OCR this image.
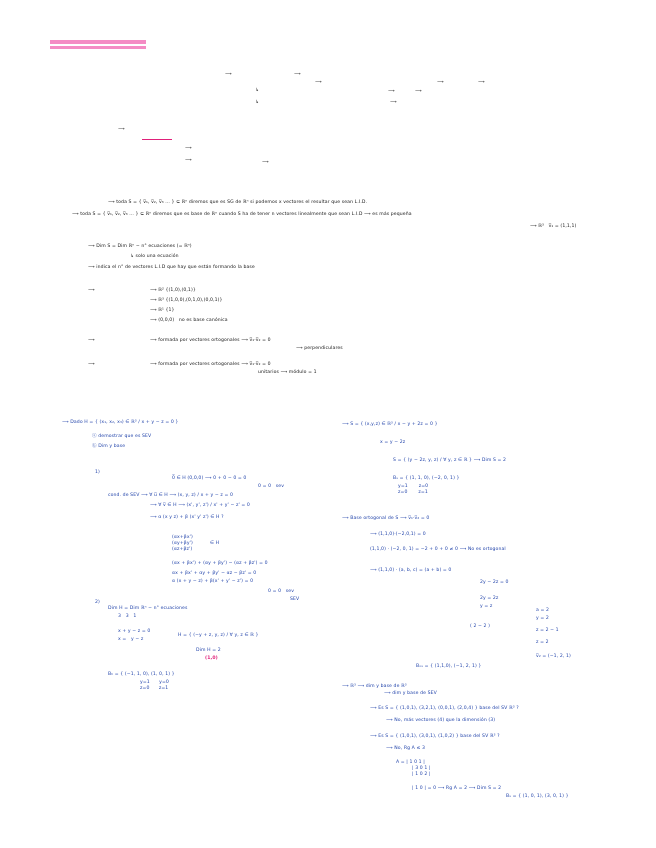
⟶	⟶
⟶	⟶	⟶
↳	⟶	⟶
↳	⟶
⟶
⟶
⟶	⟶
⟶ toda S = { v̅₁, v̅₂, v̅₃ ... } ⊆ ℝⁿ diremos que es SG de ℝⁿ si podemos x vectores el resultar que sean L.I.D.
⟶ toda S = { v̅₁, v̅₂, v̅₃ ... } ⊆ ℝⁿ diremos que es base de ℝⁿ cuando S ha de tener n vectores linealmente que sean L.I.D ⟶ es más pequeña
⟶ ℝ³   v̅₁ = (1,1,1)
⟶ Dim S = Dim ℝⁿ − n° ecuaciones (= ℝⁿ)
↳ solo una ecuación
⟶ indica el n° de vectores L.I.D que hay que están formando la base
⟶	⟶ ℝ² {(1,0),(0,1)}
⟶ ℝ³ {(1,0,0),(0,1,0),(0,0,1)}
⟶ ℝ¹ {1}
⟶ (0,0,0)   no es base canónica
⟶	⟶ formada por vectores ortogonales ⟶ v̅₁·v̅₂ = 0
⟶ perpendiculares
⟶	⟶ formada por vectores ortogonales ⟶ v̅₁·v̅₂ = 0
unitarios ⟶ módulo = 1
⟶ Dado H = { (x₁, x₂, x₃) ∈ ℝ³ / x + y − z = 0 }
ⓐ demostrar que es SEV
ⓑ Dim y base
1)
0̅ ∈ H (0,0,0) ⟶ 0 + 0 − 0 = 0
0 = 0   sev
cond. de SEV ⟶ ∀ u̅ ∈ H ⟶ (x, y, z) / x + y − z = 0
⟶ ∀ v̅ ∈ H ⟶ (x', y', z') / x' + y' − z' = 0
⟶ α (x y z) + β (x' y' z') ∈ H ?
(αx+βx')
(αy+βy')
(αz+βz')
∈ H
(αx + βx') + (αy + βy') − (αz + βz') = 0
αx + βx' + αy + βy' − αz − βz' = 0
α (x + y − z) + β(x' + y' − z') = 0
0 = 0   sev
SEV
2)
Dim H = Dim ℝⁿ − n° ecuaciones
3   3   1
x + y − z = 0
x =   y − z
H = { (−y + z, y, z) / ∀ y, z ∈ ℝ }
Dim H = 2
(1,0)
Bₕ = { (−1, 1, 0), (1, 0, 1) }
y=1      y=0
z=0      z=1
⟶ S = { (x,y,z) ∈ ℝ³ / x − y + 2z = 0 }
x = y − 2z
S = { (y − 2z, y, z) / ∀ y, z ∈ ℝ } ⟶ Dim S = 2
Bₛ = { (1, 1, 0), (−2, 0, 1) }
y=1       z=0
z=0       z=1
⟶ Base ortogonal de S ⟶ v̅₁·v̅₂ = 0
⟶ (1,1,0)·(−2,0,1) = 0
(1,1,0) · (−2, 0, 1) = −2 + 0 + 0 ≠ 0 ⟶ No es ortogonal
⟶ (1,1,0) · (a, b, c) = (a + b) = 0
2y − 2z = 0
2y = 2z
y = z
a = 2
y = 2
( 2 − 2 )
z = 2 − 1
z = 2
v̅₂ = (−1, 2, 1)
Bₒₛ = { (1,1,0), (−1, 2, 1) }
⟶ ℝ³ ⟶ dim y base de ℝ³
⟶ dim y base de SEV
⟶ Es S = { (1,0,1), (3,2,1), (0,0,1), (2,0,4) } base del SV ℝ³ ?
⟶ No, más vectores (4) que la dimensión (3)
⟶ Es S = { (1,0,1), (3,0,1), (1,0,2) } base del SV ℝ³ ?
⟶ No, Rg A ≤ 3
A = | 1 0 1 |
| 3 0 1 |
| 1 0 2 |
| 1 0 | = 0 ⟶ Rg A = 2 ⟶ Dim S = 2
Bₛ = { (1, 0, 1), (3, 0, 1) }
